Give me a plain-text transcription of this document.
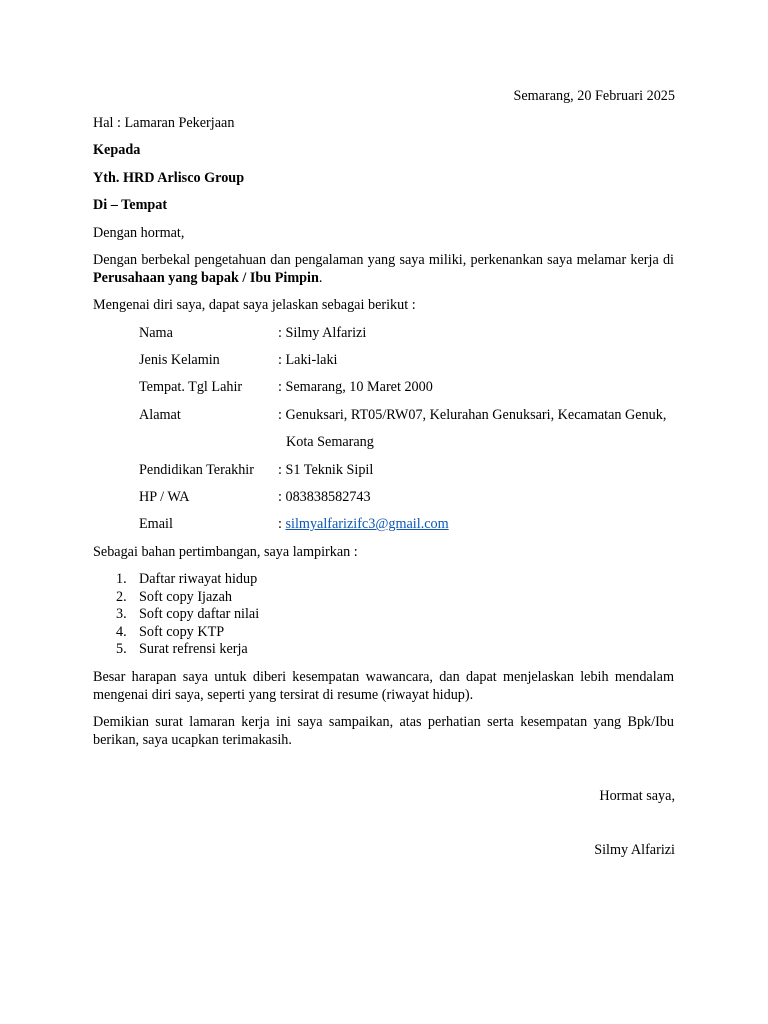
Semarang, 20 Februari 2025
Hal : Lamaran Pekerjaan
Kepada
Yth. HRD Arlisco Group
Di – Tempat
Dengan hormat,
Dengan berbekal pengetahuan dan pengalaman yang saya miliki, perkenankan saya melamar kerja di Perusahaan yang bapak / Ibu Pimpin.
Mengenai diri saya, dapat saya jelaskan sebagai berikut :
Nama	: Silmy Alfarizi
Jenis Kelamin	: Laki-laki
Tempat. Tgl Lahir	: Semarang, 10 Maret 2000
Alamat	: Genuksari, RT05/RW07, Kelurahan Genuksari, Kecamatan Genuk,
Kota Semarang
Pendidikan Terakhir : S1 Teknik Sipil
HP / WA	: 083838582743
Email	: silmyalfarizifc3@gmail.com
Sebagai bahan pertimbangan, saya lampirkan :
1. Daftar riwayat hidup
2. Soft copy Ijazah
3. Soft copy daftar nilai
4. Soft copy KTP
5. Surat refrensi kerja
Besar harapan saya untuk diberi kesempatan wawancara, dan dapat menjelaskan lebih mendalam mengenai diri saya, seperti yang tersirat di resume (riwayat hidup).
Demikian surat lamaran kerja ini saya sampaikan, atas perhatian serta kesempatan yang Bpk/Ibu berikan, saya ucapkan terimakasih.
Hormat saya,
Silmy Alfarizi
